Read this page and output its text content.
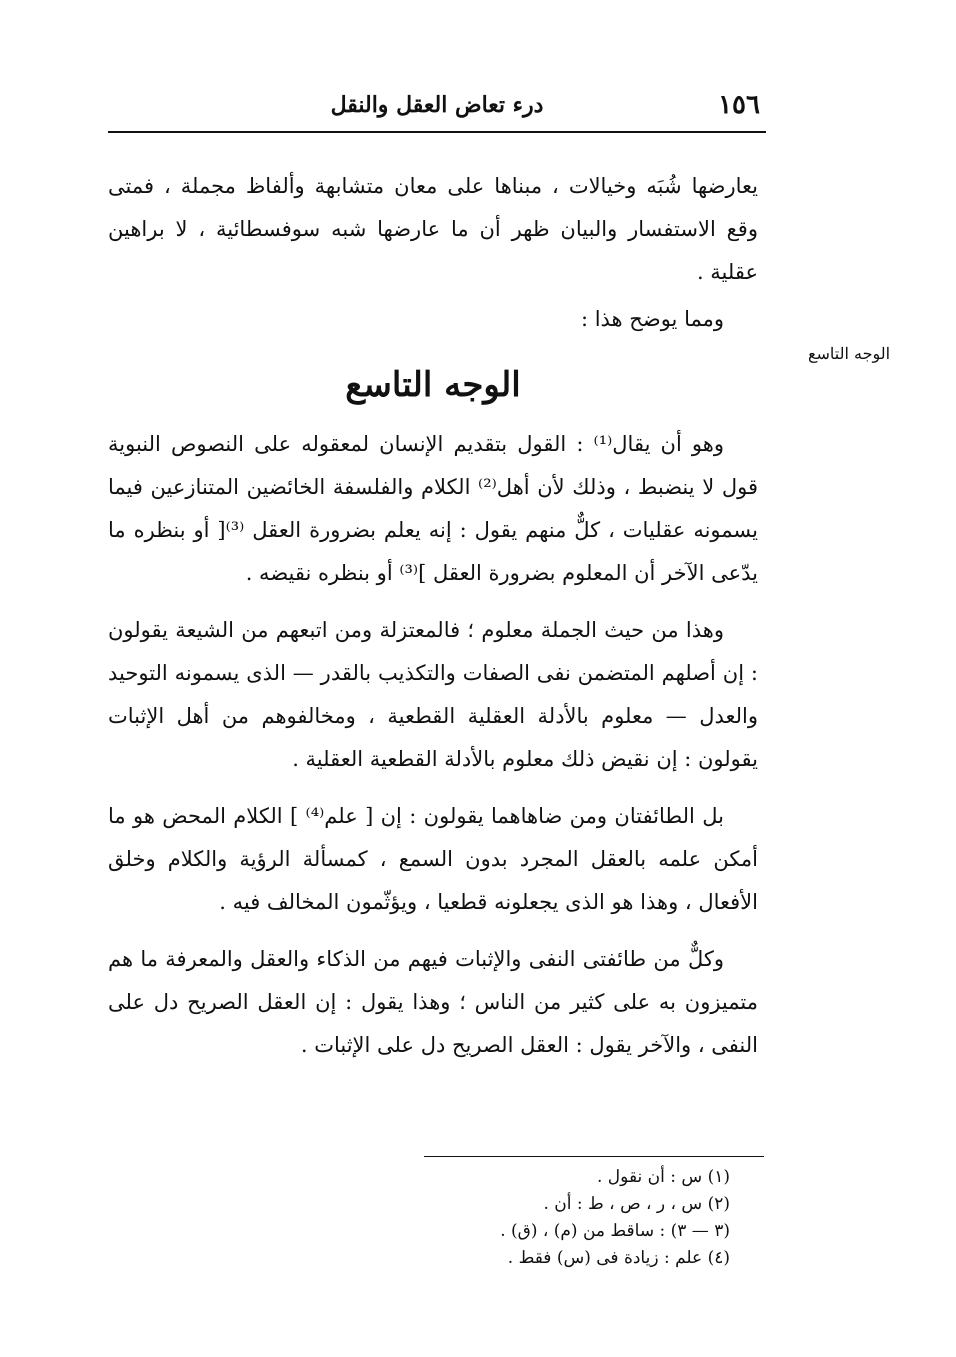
١٥٦
درء تعاض العقل والنقل
الوجه التاسع

يعارضها شُبَه وخيالات ، مبناها على معان متشابهة وألفاظ مجملة ، فمتى وقع الاستفسار والبيان ظهر أن ما عارضها شبه سوفسطائية ، لا براهين عقلية .

ومما يوضح هذا :

الوجه التاسع

وهو أن يقال⁽¹⁾ : القول بتقديم الإنسان لمعقوله على النصوص النبوية قول لا ينضبط ، وذلك لأن أهل⁽²⁾ الكلام والفلسفة الخائضين المتنازعين فيما يسمونه عقليات ، كلٌّ منهم يقول : إنه يعلم بضرورة العقل ⁽³⁾[ أو بنظره ما يدّعى الآخر أن المعلوم بضرورة العقل ]⁽³⁾ أو بنظره نقيضه .

وهذا من حيث الجملة معلوم ؛ فالمعتزلة ومن اتبعهم من الشيعة يقولون : إن أصلهم المتضمن نفى الصفات والتكذيب بالقدر — الذى يسمونه التوحيد والعدل — معلوم بالأدلة العقلية القطعية ، ومخالفوهم من أهل الإثبات يقولون : إن نقيض ذلك معلوم بالأدلة القطعية العقلية .

بل الطائفتان ومن ضاهاهما يقولون : إن [ علم⁽⁴⁾ ] الكلام المحض هو ما أمكن علمه بالعقل المجرد بدون السمع ، كمسألة الرؤية والكلام وخلق الأفعال ، وهذا هو الذى يجعلونه قطعيا ، ويؤثّمون المخالف فيه .

وكلٌّ من طائفتى النفى والإثبات فيهم من الذكاء والعقل والمعرفة ما هم متميزون به على كثير من الناس ؛ وهذا يقول : إن العقل الصريح دل على النفى ، والآخر يقول : العقل الصريح دل على الإثبات .

(١) س : أن نقول .

(٢) س ، ر ، ص ، ط : أن .

(٣ — ٣) : ساقط من (م) ، (ق) .

(٤) علم : زيادة فى (س) فقط .
